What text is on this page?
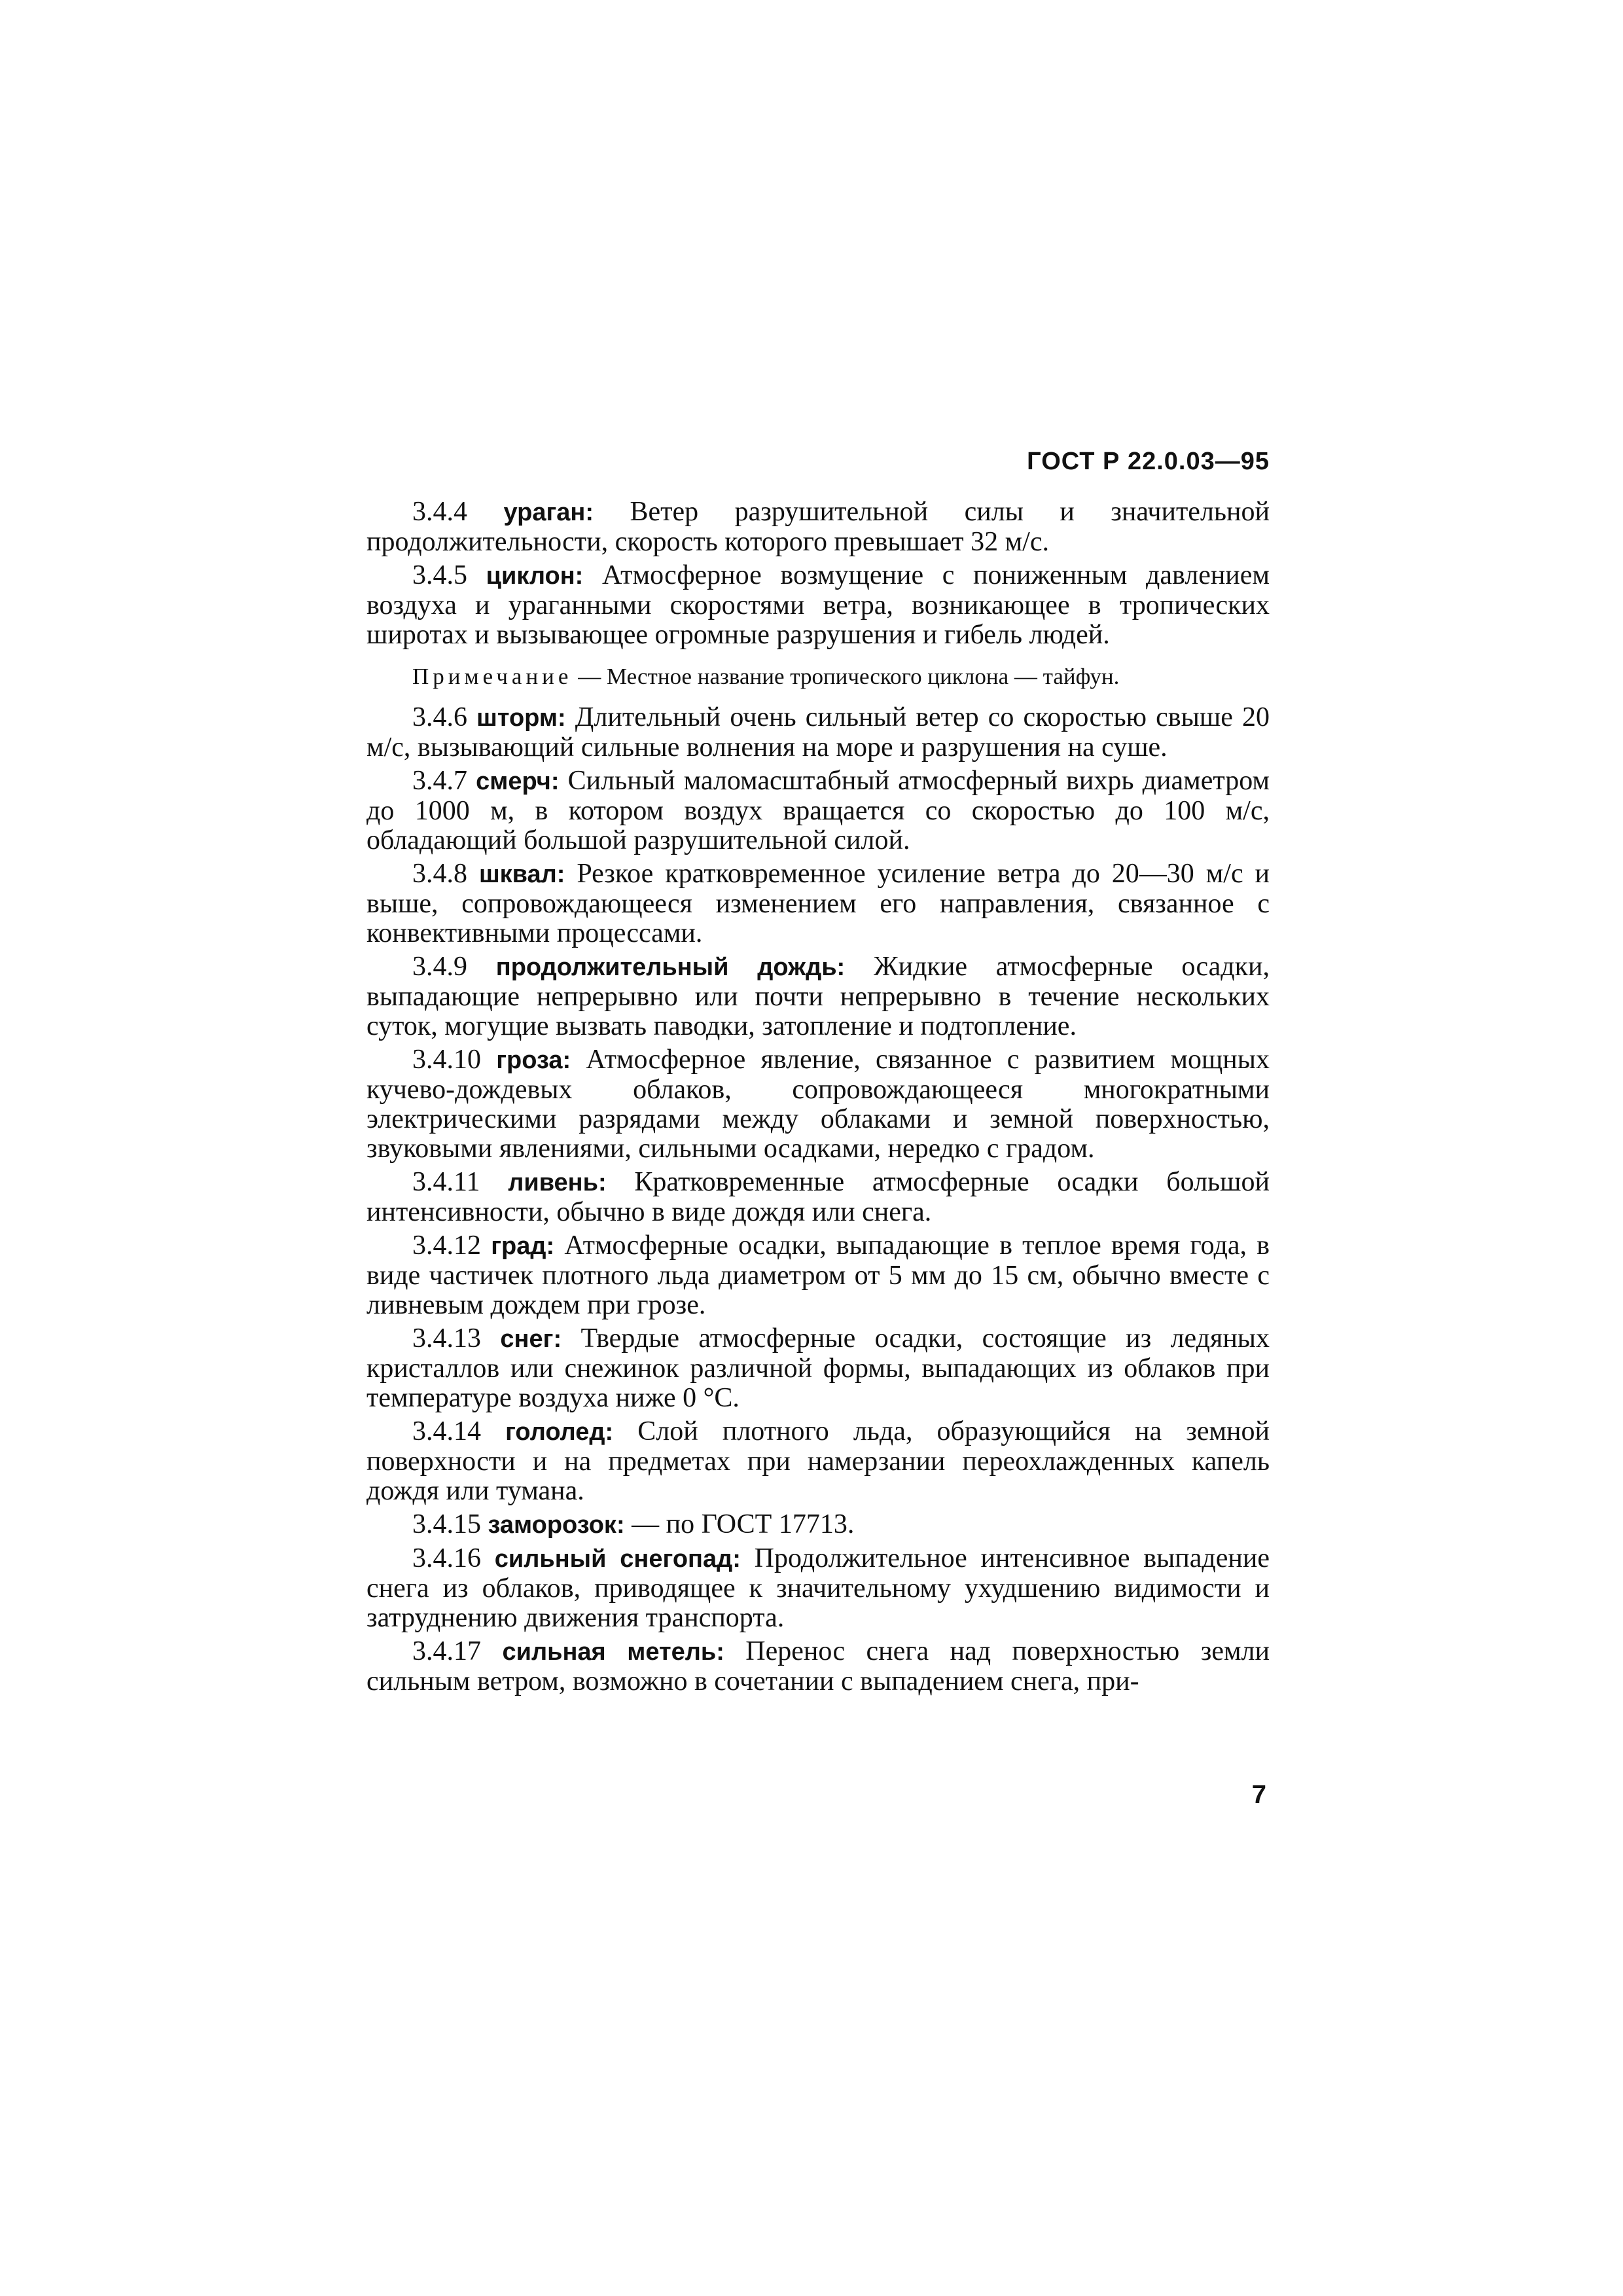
ГОСТ Р 22.0.03—95

3.4.4 ураган: Ветер разрушительной силы и значительной продолжительности, скорость которого превышает 32 м/с.

3.4.5 циклон: Атмосферное возмущение с пониженным давлением воздуха и ураганными скоростями ветра, возникающее в тропических широтах и вызывающее огромные разрушения и гибель людей.

Примечание — Местное название тропического циклона — тайфун.

3.4.6 шторм: Длительный очень сильный ветер со скоростью свыше 20 м/с, вызывающий сильные волнения на море и разрушения на суше.

3.4.7 смерч: Сильный маломасштабный атмосферный вихрь диаметром до 1000 м, в котором воздух вращается со скоростью до 100 м/с, обладающий большой разрушительной силой.

3.4.8 шквал: Резкое кратковременное усиление ветра до 20—30 м/с и выше, сопровождающееся изменением его направления, связанное с конвективными процессами.

3.4.9 продолжительный дождь: Жидкие атмосферные осадки, выпадающие непрерывно или почти непрерывно в течение нескольких суток, могущие вызвать паводки, затопление и подтопление.

3.4.10 гроза: Атмосферное явление, связанное с развитием мощных кучево-дождевых облаков, сопровождающееся многократными электрическими разрядами между облаками и земной поверхностью, звуковыми явлениями, сильными осадками, нередко с градом.

3.4.11 ливень: Кратковременные атмосферные осадки большой интенсивности, обычно в виде дождя или снега.

3.4.12 град: Атмосферные осадки, выпадающие в теплое время года, в виде частичек плотного льда диаметром от 5 мм до 15 см, обычно вместе с ливневым дождем при грозе.

3.4.13 снег: Твердые атмосферные осадки, состоящие из ледяных кристаллов или снежинок различной формы, выпадающих из облаков при температуре воздуха ниже 0 °С.

3.4.14 гололед: Слой плотного льда, образующийся на земной поверхности и на предметах при намерзании переохлажденных капель дождя или тумана.

3.4.15 заморозок: — по ГОСТ 17713.

3.4.16 сильный снегопад: Продолжительное интенсивное выпадение снега из облаков, приводящее к значительному ухудшению видимости и затруднению движения транспорта.

3.4.17 сильная метель: Перенос снега над поверхностью земли сильным ветром, возможно в сочетании с выпадением снега, при-

7
